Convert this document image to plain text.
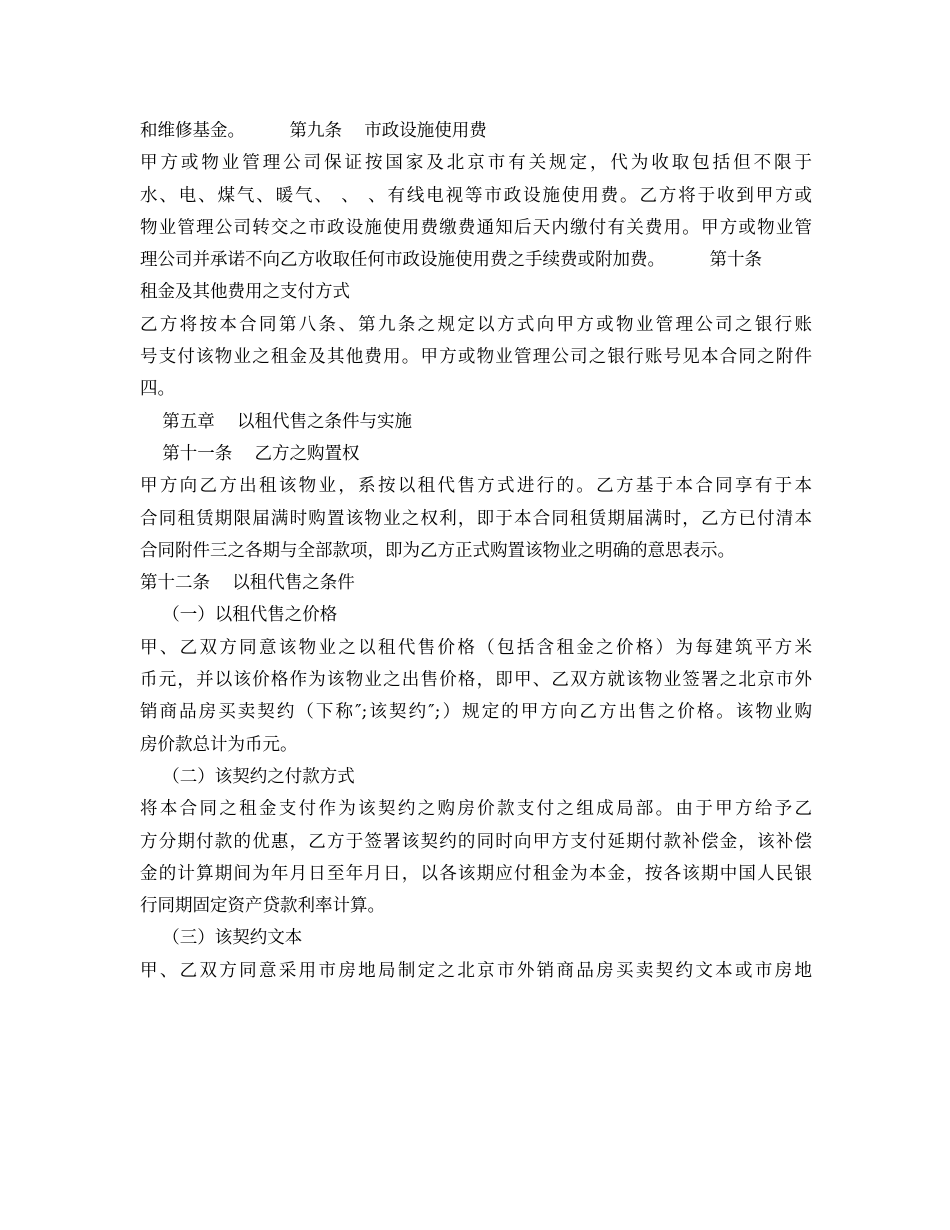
和维修基金。        第九条    市政设施使用费
甲方或物业管理公司保证按国家及北京市有关规定，代为收取包括但不限于
水、电、煤气、暖气、 、 、有线电视等市政设施使用费。乙方将于收到甲方或
物业管理公司转交之市政设施使用费缴费通知后天内缴付有关费用。甲方或物业管
理公司并承诺不向乙方收取任何市政设施使用费之手续费或附加费。        第十条
租金及其他费用之支付方式
乙方将按本合同第八条、第九条之规定以方式向甲方或物业管理公司之银行账
号支付该物业之租金及其他费用。甲方或物业管理公司之银行账号见本合同之附件
四。
第五章    以租代售之条件与实施
第十一条    乙方之购置权
甲方向乙方出租该物业，系按以租代售方式进行的。乙方基于本合同享有于本
合同租赁期限届满时购置该物业之权利，即于本合同租赁期届满时，乙方已付清本
合同附件三之各期与全部款项，即为乙方正式购置该物业之明确的意思表示。
第十二条    以租代售之条件
（一）以租代售之价格
甲、乙双方同意该物业之以租代售价格（包括含租金之价格）为每建筑平方米
币元，并以该价格作为该物业之出售价格，即甲、乙双方就该物业签署之北京市外
销商品房买卖契约（下称″;该契约″;）规定的甲方向乙方出售之价格。该物业购
房价款总计为币元。
（二）该契约之付款方式
将本合同之租金支付作为该契约之购房价款支付之组成局部。由于甲方给予乙
方分期付款的优惠，乙方于签署该契约的同时向甲方支付延期付款补偿金，该补偿
金的计算期间为年月日至年月日，以各该期应付租金为本金，按各该期中国人民银
行同期固定资产贷款利率计算。
（三）该契约文本
甲、乙双方同意采用市房地局制定之北京市外销商品房买卖契约文本或市房地
